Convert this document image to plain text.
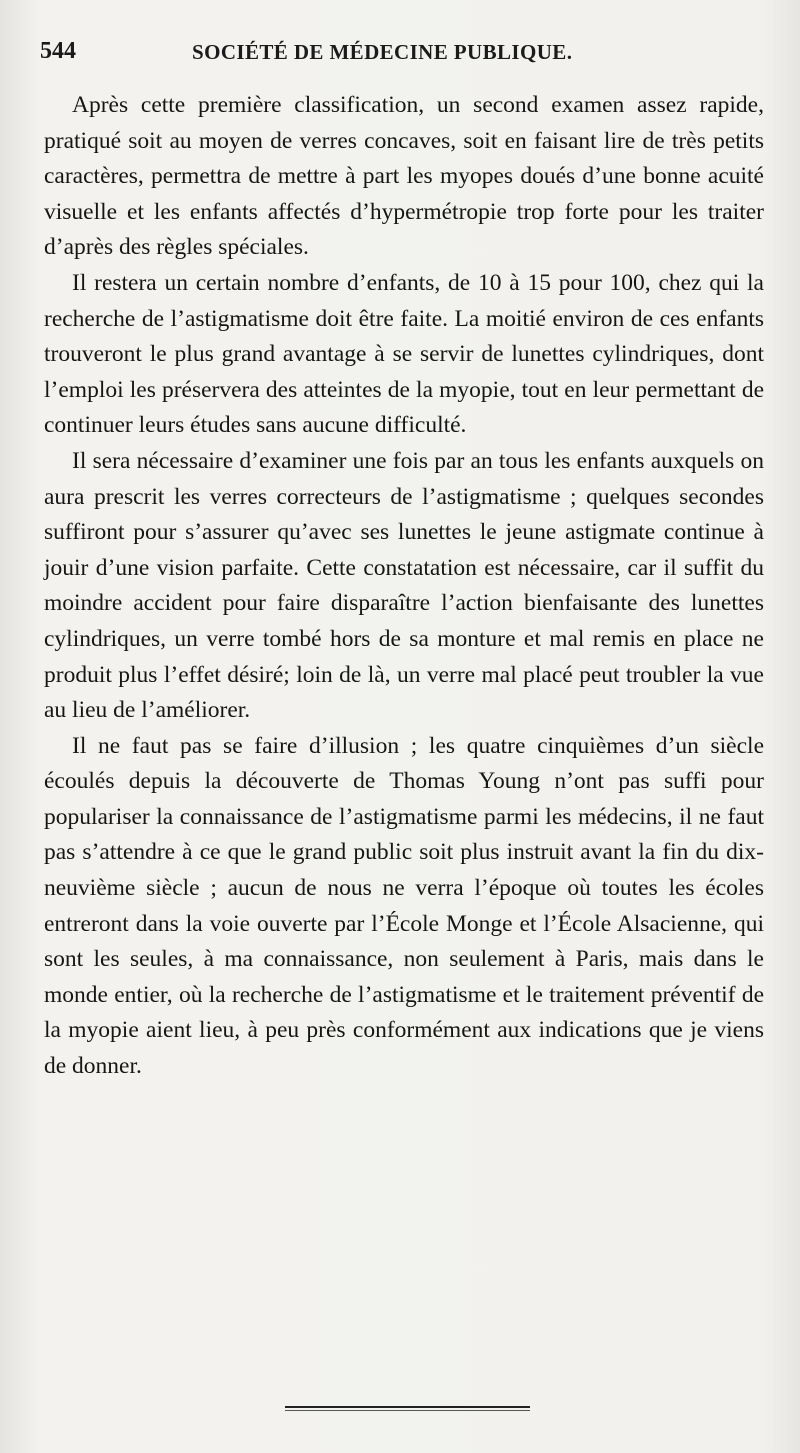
544	SOCIÉTÉ DE MÉDECINE PUBLIQUE.

Après cette première classification, un second examen assez rapide, pratiqué soit au moyen de verres concaves, soit en faisant lire de très petits caractères, permettra de mettre à part les myopes doués d’une bonne acuité visuelle et les enfants affectés d’hypermétropie trop forte pour les traiter d’après des règles spéciales.

Il restera un certain nombre d’enfants, de 10 à 15 pour 100, chez qui la recherche de l’astigmatisme doit être faite. La moitié environ de ces enfants trouveront le plus grand avantage à se servir de lunettes cylindriques, dont l’emploi les préservera des atteintes de la myopie, tout en leur permettant de continuer leurs études sans aucune difficulté.

Il sera nécessaire d’examiner une fois par an tous les enfants auxquels on aura prescrit les verres correcteurs de l’astigmatisme ; quelques secondes suffiront pour s’assurer qu’avec ses lunettes le jeune astigmate continue à jouir d’une vision parfaite. Cette constatation est nécessaire, car il suffit du moindre accident pour faire disparaître l’action bienfaisante des lunettes cylindriques, un verre tombé hors de sa monture et mal remis en place ne produit plus l’effet désiré; loin de là, un verre mal placé peut troubler la vue au lieu de l’améliorer.

Il ne faut pas se faire d’illusion ; les quatre cinquièmes d’un siècle écoulés depuis la découverte de Thomas Young n’ont pas suffi pour populariser la connaissance de l’astigmatisme parmi les médecins, il ne faut pas s’attendre à ce que le grand public soit plus instruit avant la fin du dix-neuvième siècle ; aucun de nous ne verra l’époque où toutes les écoles entreront dans la voie ouverte par l’École Monge et l’École Alsacienne, qui sont les seules, à ma connaissance, non seulement à Paris, mais dans le monde entier, où la recherche de l’astigmatisme et le traitement préventif de la myopie aient lieu, à peu près conformément aux indications que je viens de donner.
